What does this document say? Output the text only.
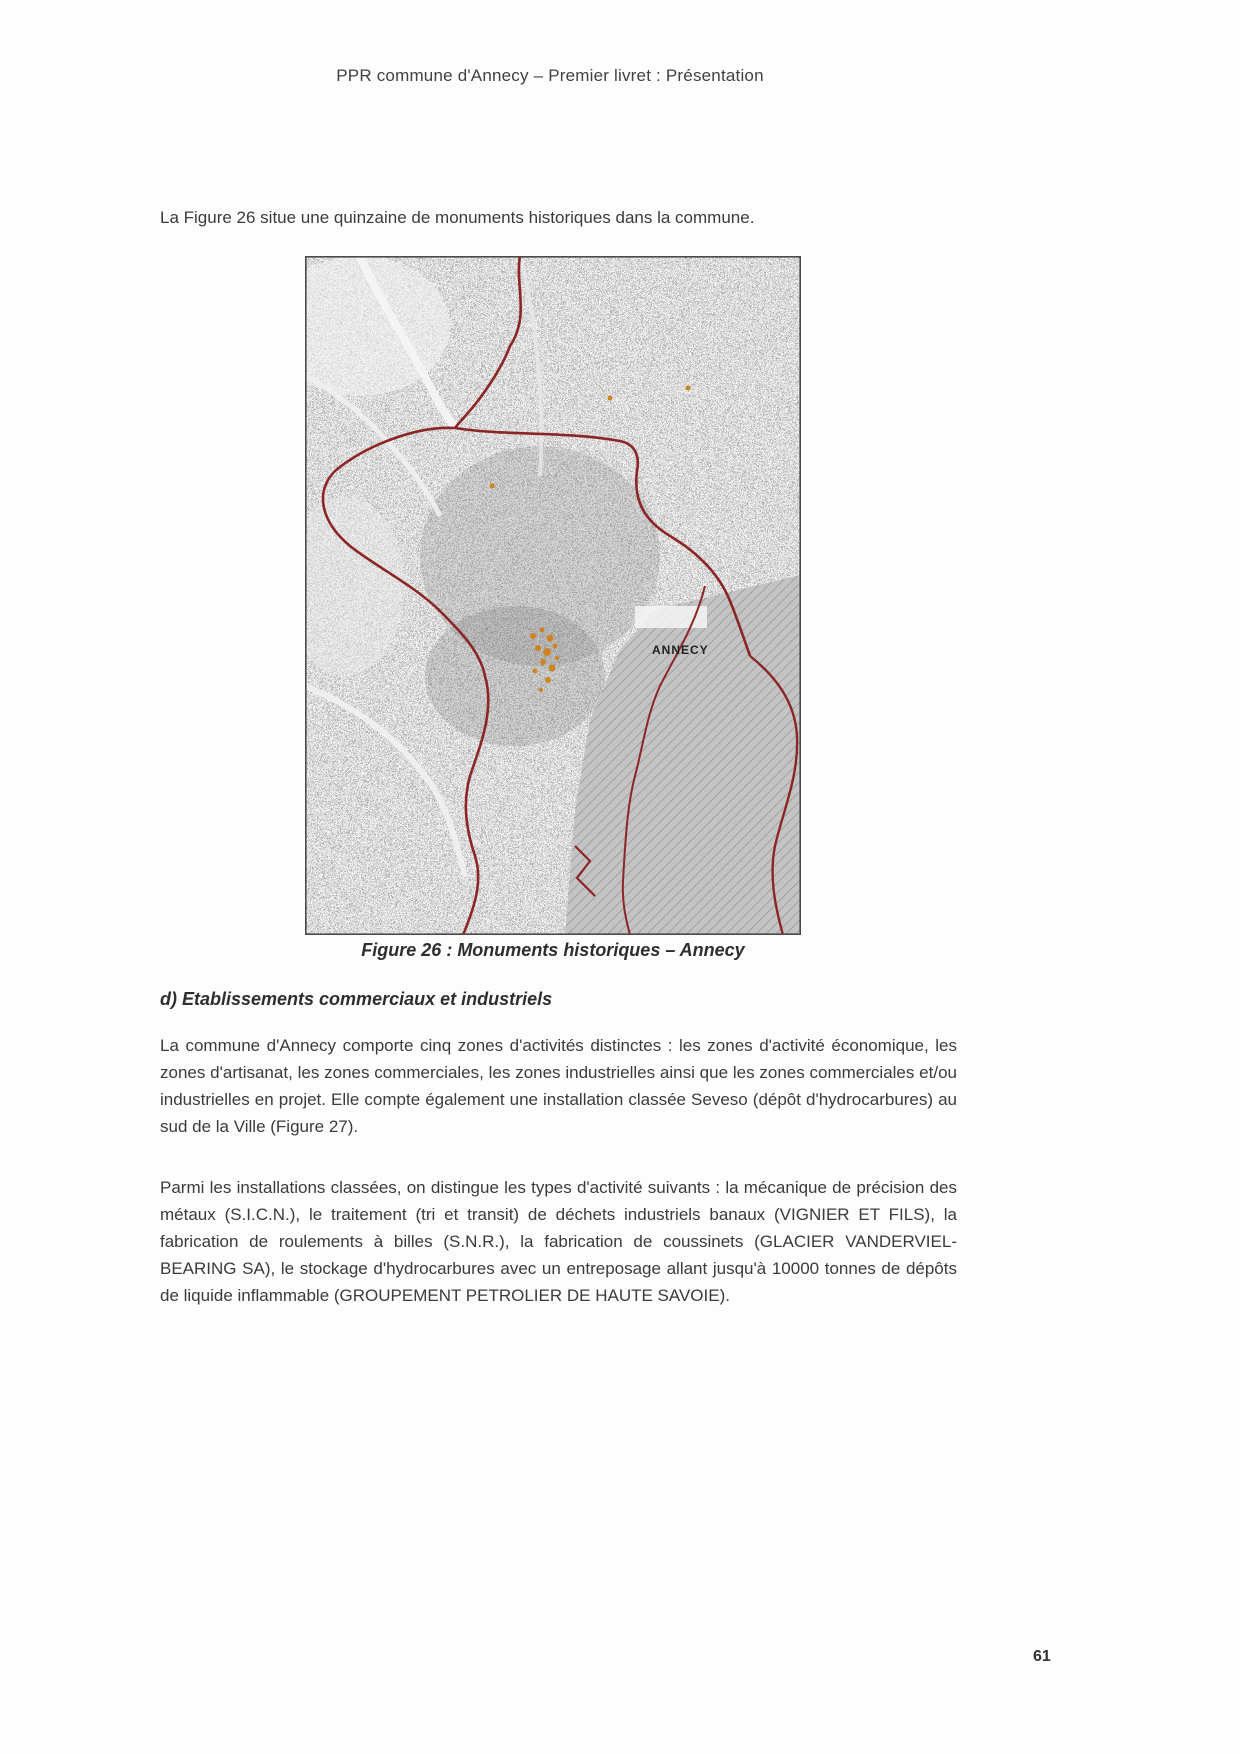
PPR commune d'Annecy – Premier livret : Présentation
La Figure 26 situe une quinzaine de monuments historiques dans la commune.
ANNECY
Figure 26 : Monuments historiques – Annecy
d) Etablissements commerciaux et industriels
La commune d'Annecy comporte cinq zones d'activités distinctes : les zones d'activité économique, les zones d'artisanat, les zones commerciales, les zones industrielles ainsi que les zones commerciales et/ou industrielles en projet. Elle compte également une installation classée Seveso (dépôt d'hydrocarbures) au sud de la Ville (Figure 27).
Parmi les installations classées, on distingue les types d'activité suivants : la mécanique de précision des métaux (S.I.C.N.), le traitement (tri et transit) de déchets industriels banaux (VIGNIER ET FILS), la fabrication de roulements à billes (S.N.R.), la fabrication de coussinets (GLACIER VANDERVIEL-BEARING SA), le stockage d'hydrocarbures avec un entreposage allant jusqu'à 10000 tonnes de dépôts de liquide inflammable (GROUPEMENT PETROLIER DE HAUTE SAVOIE).
61
